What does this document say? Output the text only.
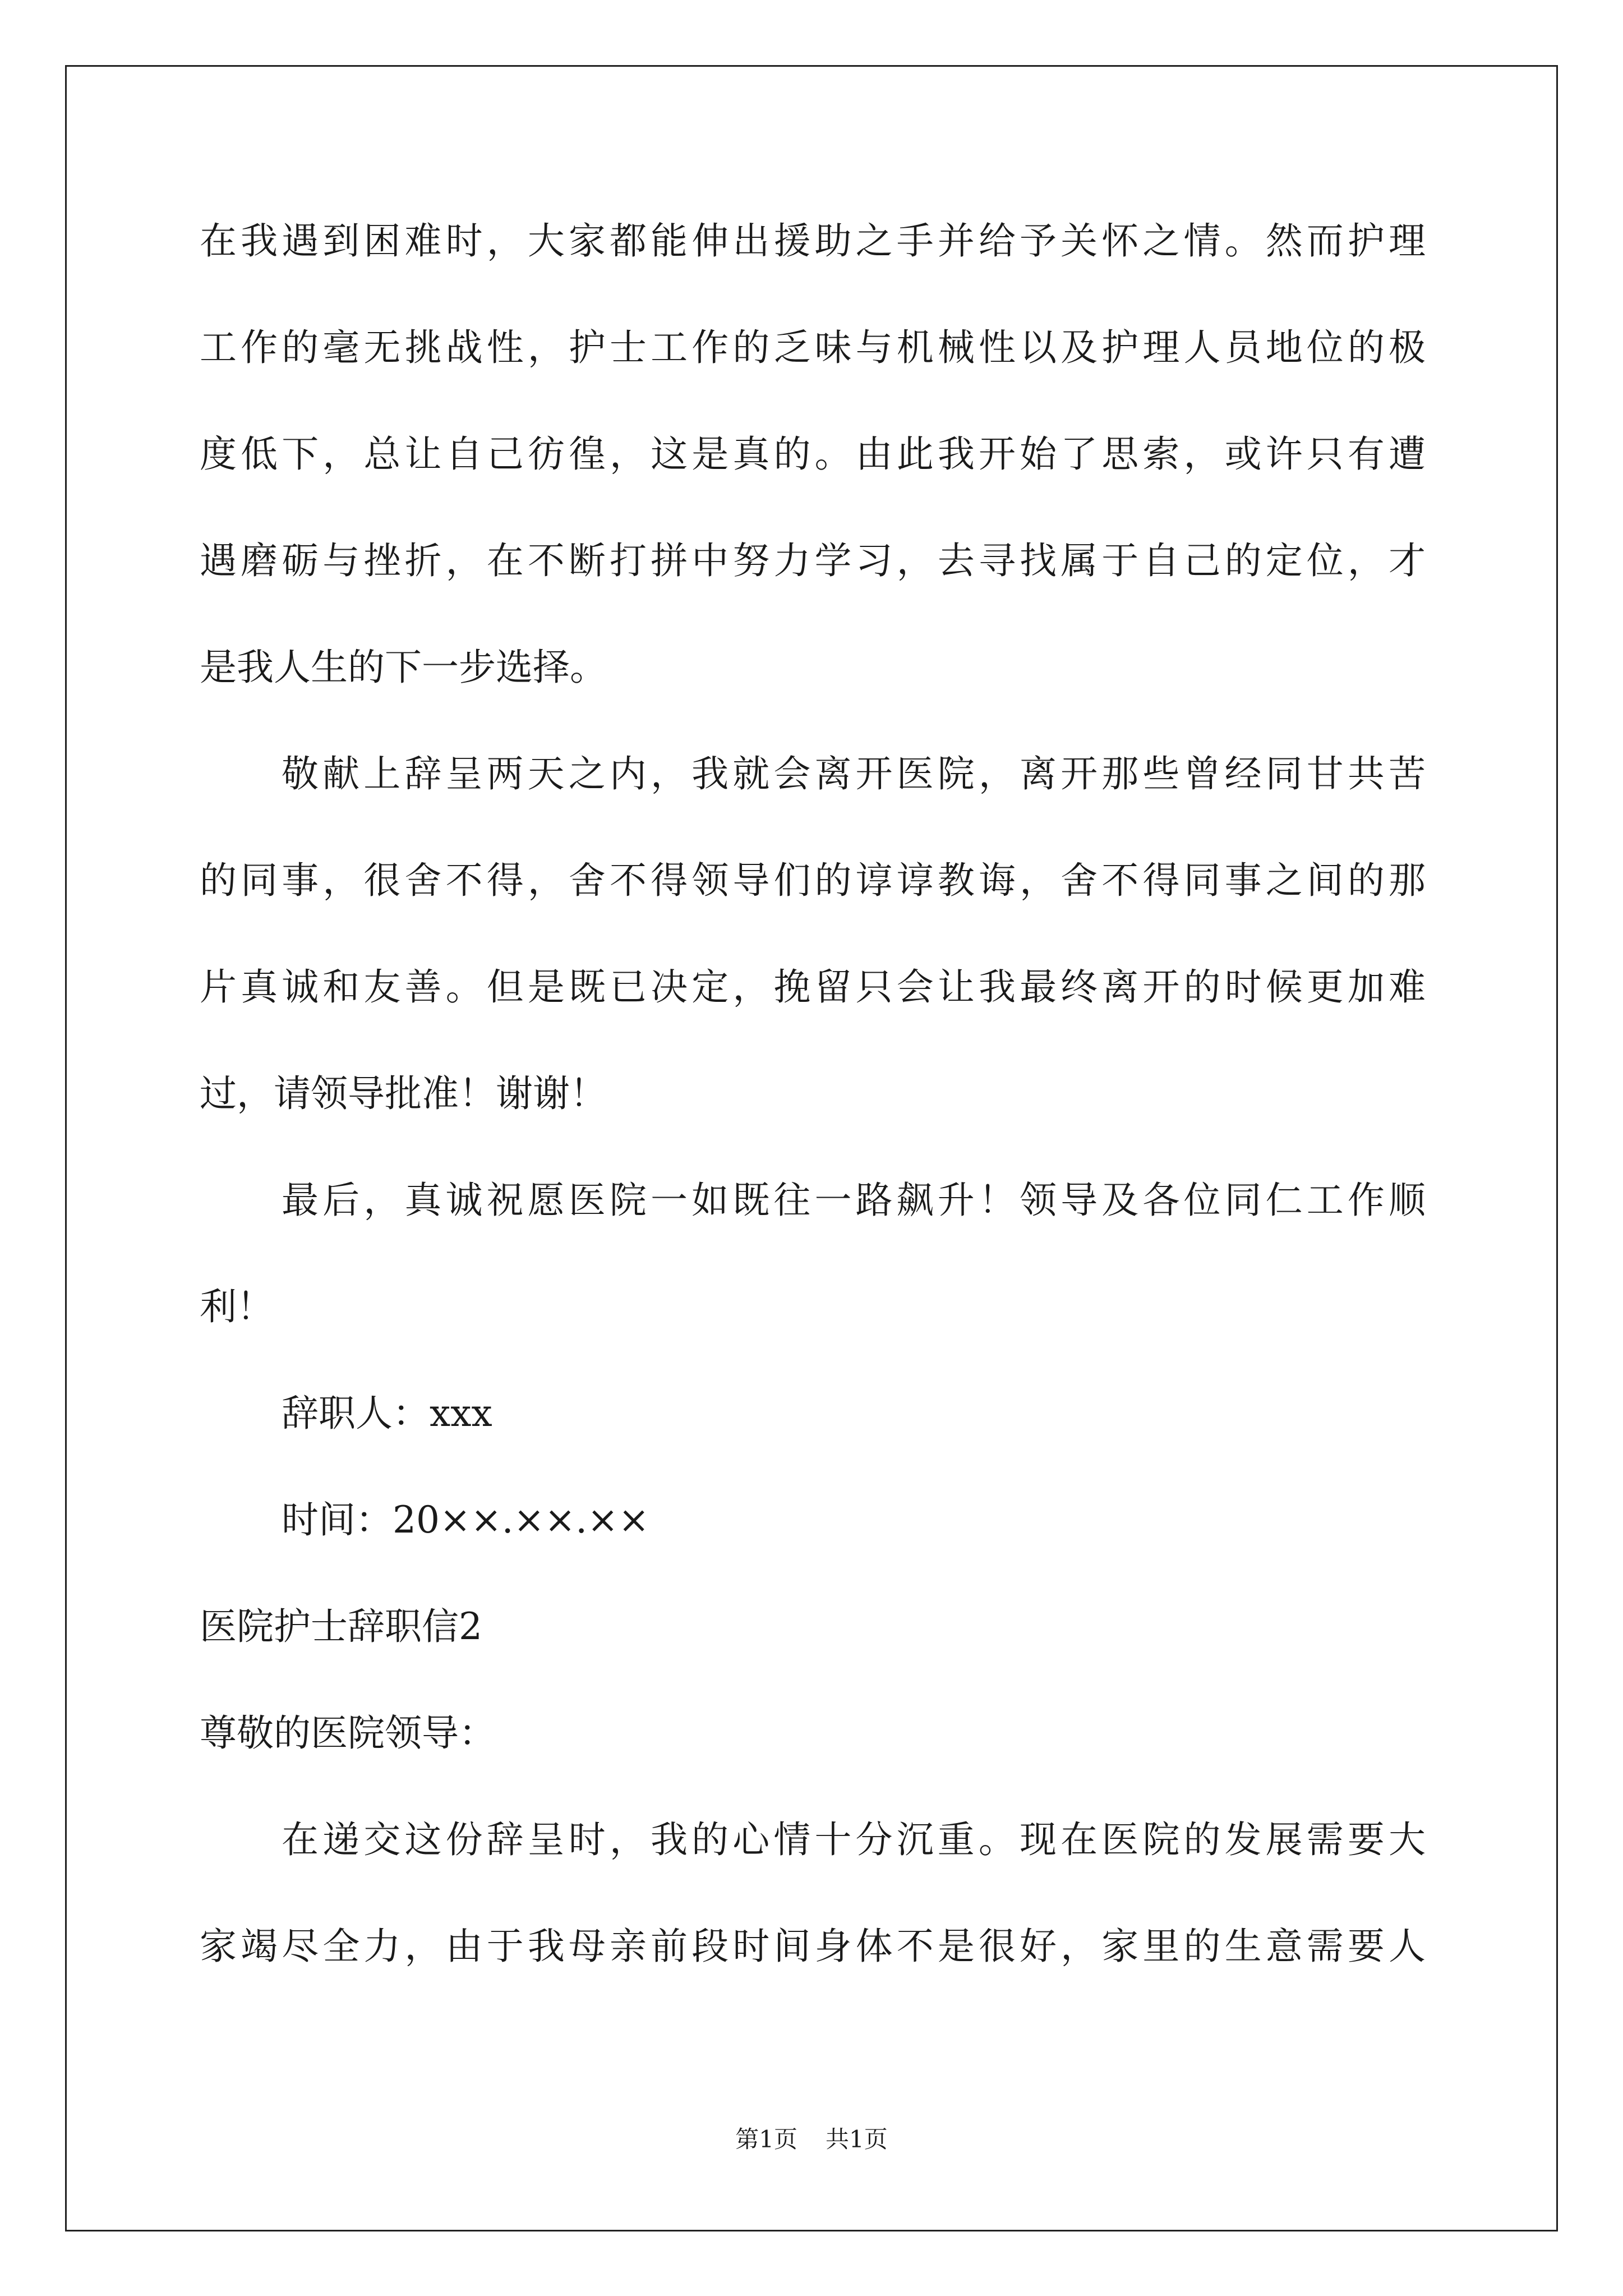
在我遇到困难时，大家都能伸出援助之手并给予关怀之情。然而护理
工作的毫无挑战性，护士工作的乏味与机械性以及护理人员地位的极
度低下，总让自己彷徨，这是真的。由此我开始了思索，或许只有遭
遇磨砺与挫折，在不断打拼中努力学习，去寻找属于自己的定位，才
是我人生的下一步选择。
敬献上辞呈两天之内，我就会离开医院，离开那些曾经同甘共苦
的同事，很舍不得，舍不得领导们的谆谆教诲，舍不得同事之间的那
片真诚和友善。但是既已决定，挽留只会让我最终离开的时候更加难
过，请领导批准！谢谢！
最后，真诚祝愿医院一如既往一路飙升！领导及各位同仁工作顺
利！
辞职人：xxx
时间：20××.××.××
医院护士辞职信2
尊敬的医院领导：
在递交这份辞呈时，我的心情十分沉重。现在医院的发展需要大
家竭尽全力，由于我母亲前段时间身体不是很好，家里的生意需要人
第1页 共1页
